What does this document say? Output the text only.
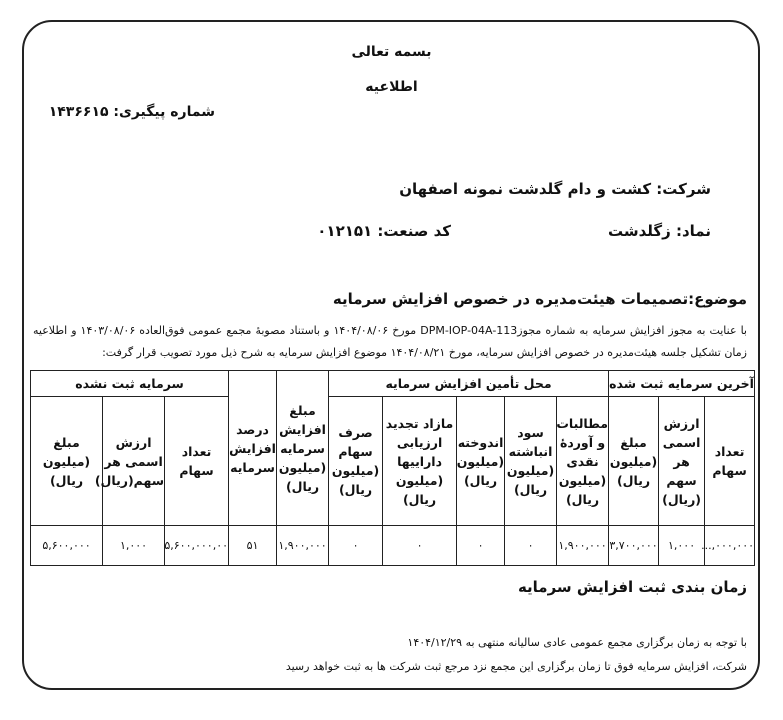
بسمه تعالی
اطلاعیه
شماره پیگیری: ۱۴۳۶۶۱۵
شرکت: کشت و دام گلدشت نمونه اصفهان
نماد: زگلدشت
کد صنعت: ۰۱۲۱۵۱
موضوع:تصمیمات هیئت‌مدیره در خصوص افزایش سرمایه
با عنایت به مجوز افزایش سرمایه به شماره مجوزDPM-IOP-04A-113 مورخ ۱۴۰۴/۰۸/۰۶ و باستناد مصوبهٔ مجمع عمومی فوق‌العاده ۱۴۰۳/۰۸/۰۶ و اطلاعیه زمان تشکیل جلسه هیئت‌مدیره در خصوص افزایش سرمایه، مورخ ۱۴۰۴/۰۸/۲۱ موضوع افزایش سرمایه به شرح ذیل مورد تصویب قرار گرفت:
آخرین سرمایه ثبت شده			محل تأمین افزایش سرمایه					مبلغ افزایش سرمایه (میلیون ریال)	درصد افزایش سرمایه	سرمایه ثبت نشده		
تعداد سهام	ارزش اسمی هر سهم (ریال)	مبلغ (میلیون ریال)	مطالبات و آوردهٔ نقدی (میلیون ریال)	سود انباشته (میلیون ریال)	اندوخته (میلیون ریال)	مازاد تجدید ارزیابی داراییها (میلیون ریال)	صرف سهام (میلیون ریال)			تعداد سهام	ارزش اسمی هر سهم(ریال)	مبلغ (میلیون ریال)
۰۰۰,۰۰۰,...	۱,۰۰۰	۳,۷۰۰,۰۰۰	۱,۹۰۰,۰۰۰	۰	۰	۰	۰	۱,۹۰۰,۰۰۰	۵۱	۵,۶۰۰,۰۰۰,۰۰	۱,۰۰۰	۵,۶۰۰,۰۰۰
زمان بندی ثبت افزایش سرمایه
با توجه به زمان برگزاری مجمع عمومی عادی سالیانه منتهی به ۱۴۰۴/۱۲/۲۹
شرکت، افزایش سرمایه فوق تا زمان برگزاری این مجمع نزد مرجع ثبت شرکت ها به ثبت خواهد رسید
